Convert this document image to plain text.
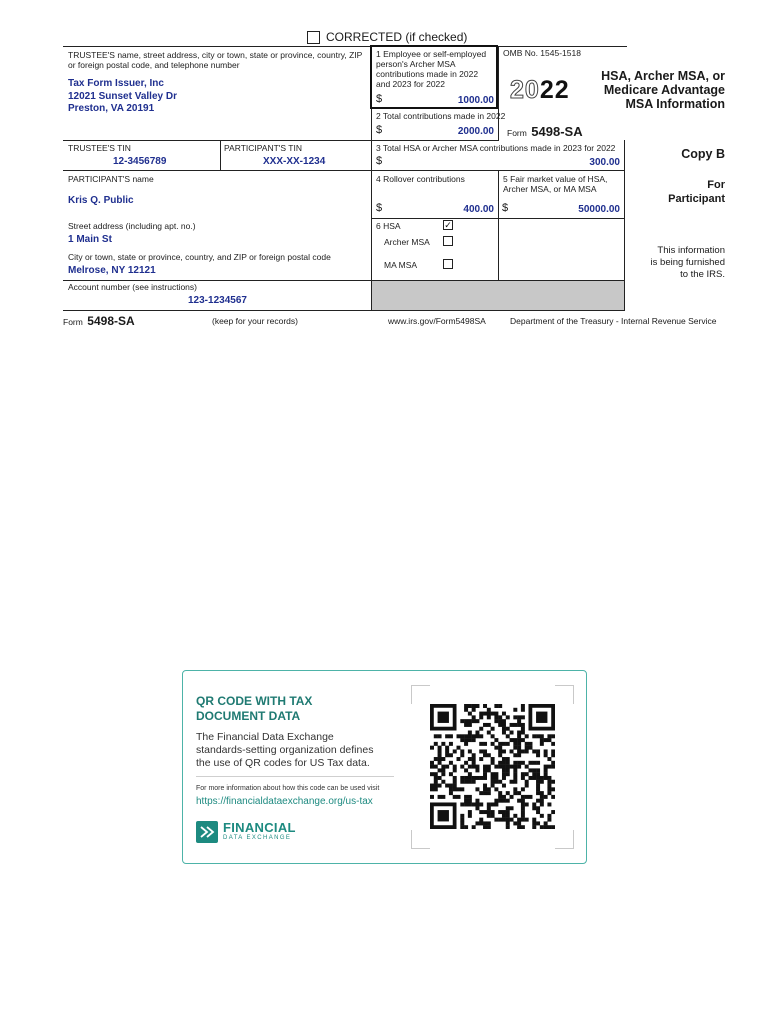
CORRECTED (if checked)
TRUSTEE'S name, street address, city or town, state or province, country, ZIP or foreign postal code, and telephone number
Tax Form Issuer, Inc
12021 Sunset Valley Dr
Preston, VA 20191
TRUSTEE'S TIN
12-3456789
PARTICIPANT'S TIN
XXX-XX-1234
PARTICIPANT'S name
Kris Q. Public
Street address (including apt. no.)
1 Main St
City or town, state or province, country, and ZIP or foreign postal code
Melrose, NY 12121
Account number (see instructions)
123-1234567
1 Employee or self-employed person's Archer MSA contributions made in 2022 and 2023 for 2022
$	1000.00
2 Total contributions made in 2022
$	2000.00
OMB No. 1545-1518
2022
Form 5498-SA
HSA, Archer MSA, or
Medicare Advantage
MSA Information
3 Total HSA or Archer MSA contributions made in 2023 for 2022
$	300.00
4 Rollover contributions
$	400.00
5 Fair market value of HSA, Archer MSA, or MA MSA
$	50000.00
6 HSA	✓
Archer MSA
MA MSA
Copy B
For
Participant
This information
is being furnished
to the IRS.
Form 5498-SA	(keep for your records)	www.irs.gov/Form5498SA	Department of the Treasury - Internal Revenue Service
QR CODE WITH TAX
DOCUMENT DATA
The Financial Data Exchange
standards-setting organization defines
the use of QR codes for US Tax data.
For more information about how this code can be used visit
https://financialdataexchange.org/us-tax
FINANCIAL
DATA EXCHANGE
